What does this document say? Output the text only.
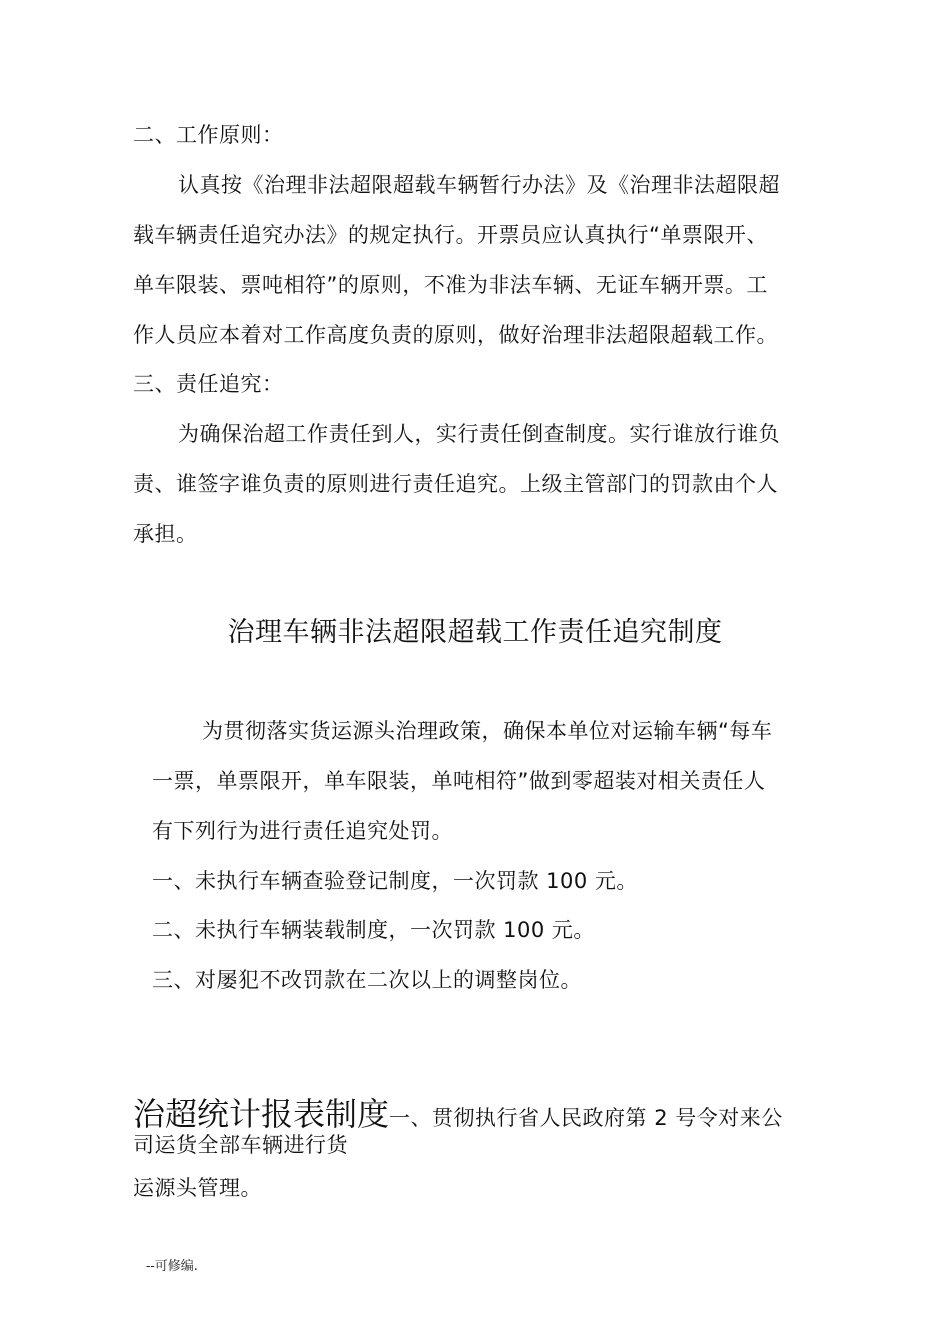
二、工作原则：
认真按《治理非法超限超载车辆暂行办法》及《治理非法超限超
载车辆责任追究办法》的规定执行。开票员应认真执行“单票限开、
单车限装、票吨相符”的原则，不准为非法车辆、无证车辆开票。工
作人员应本着对工作高度负责的原则，做好治理非法超限超载工作。
三、责任追究：
为确保治超工作责任到人，实行责任倒查制度。实行谁放行谁负
责、谁签字谁负责的原则进行责任追究。上级主管部门的罚款由个人
承担。
治理车辆非法超限超载工作责任追究制度
为贯彻落实货运源头治理政策，确保本单位对运输车辆“每车
一票，单票限开，单车限装，单吨相符”做到零超装对相关责任人
有下列行为进行责任追究处罚。
一、未执行车辆查验登记制度，一次罚款 100 元。
二、未执行车辆装载制度，一次罚款 100 元。
三、对屡犯不改罚款在二次以上的调整岗位。
治超统计报表制度一、贯彻执行省人民政府第 2 号令对来公
司运货全部车辆进行货
运源头管理。
--可修编.
